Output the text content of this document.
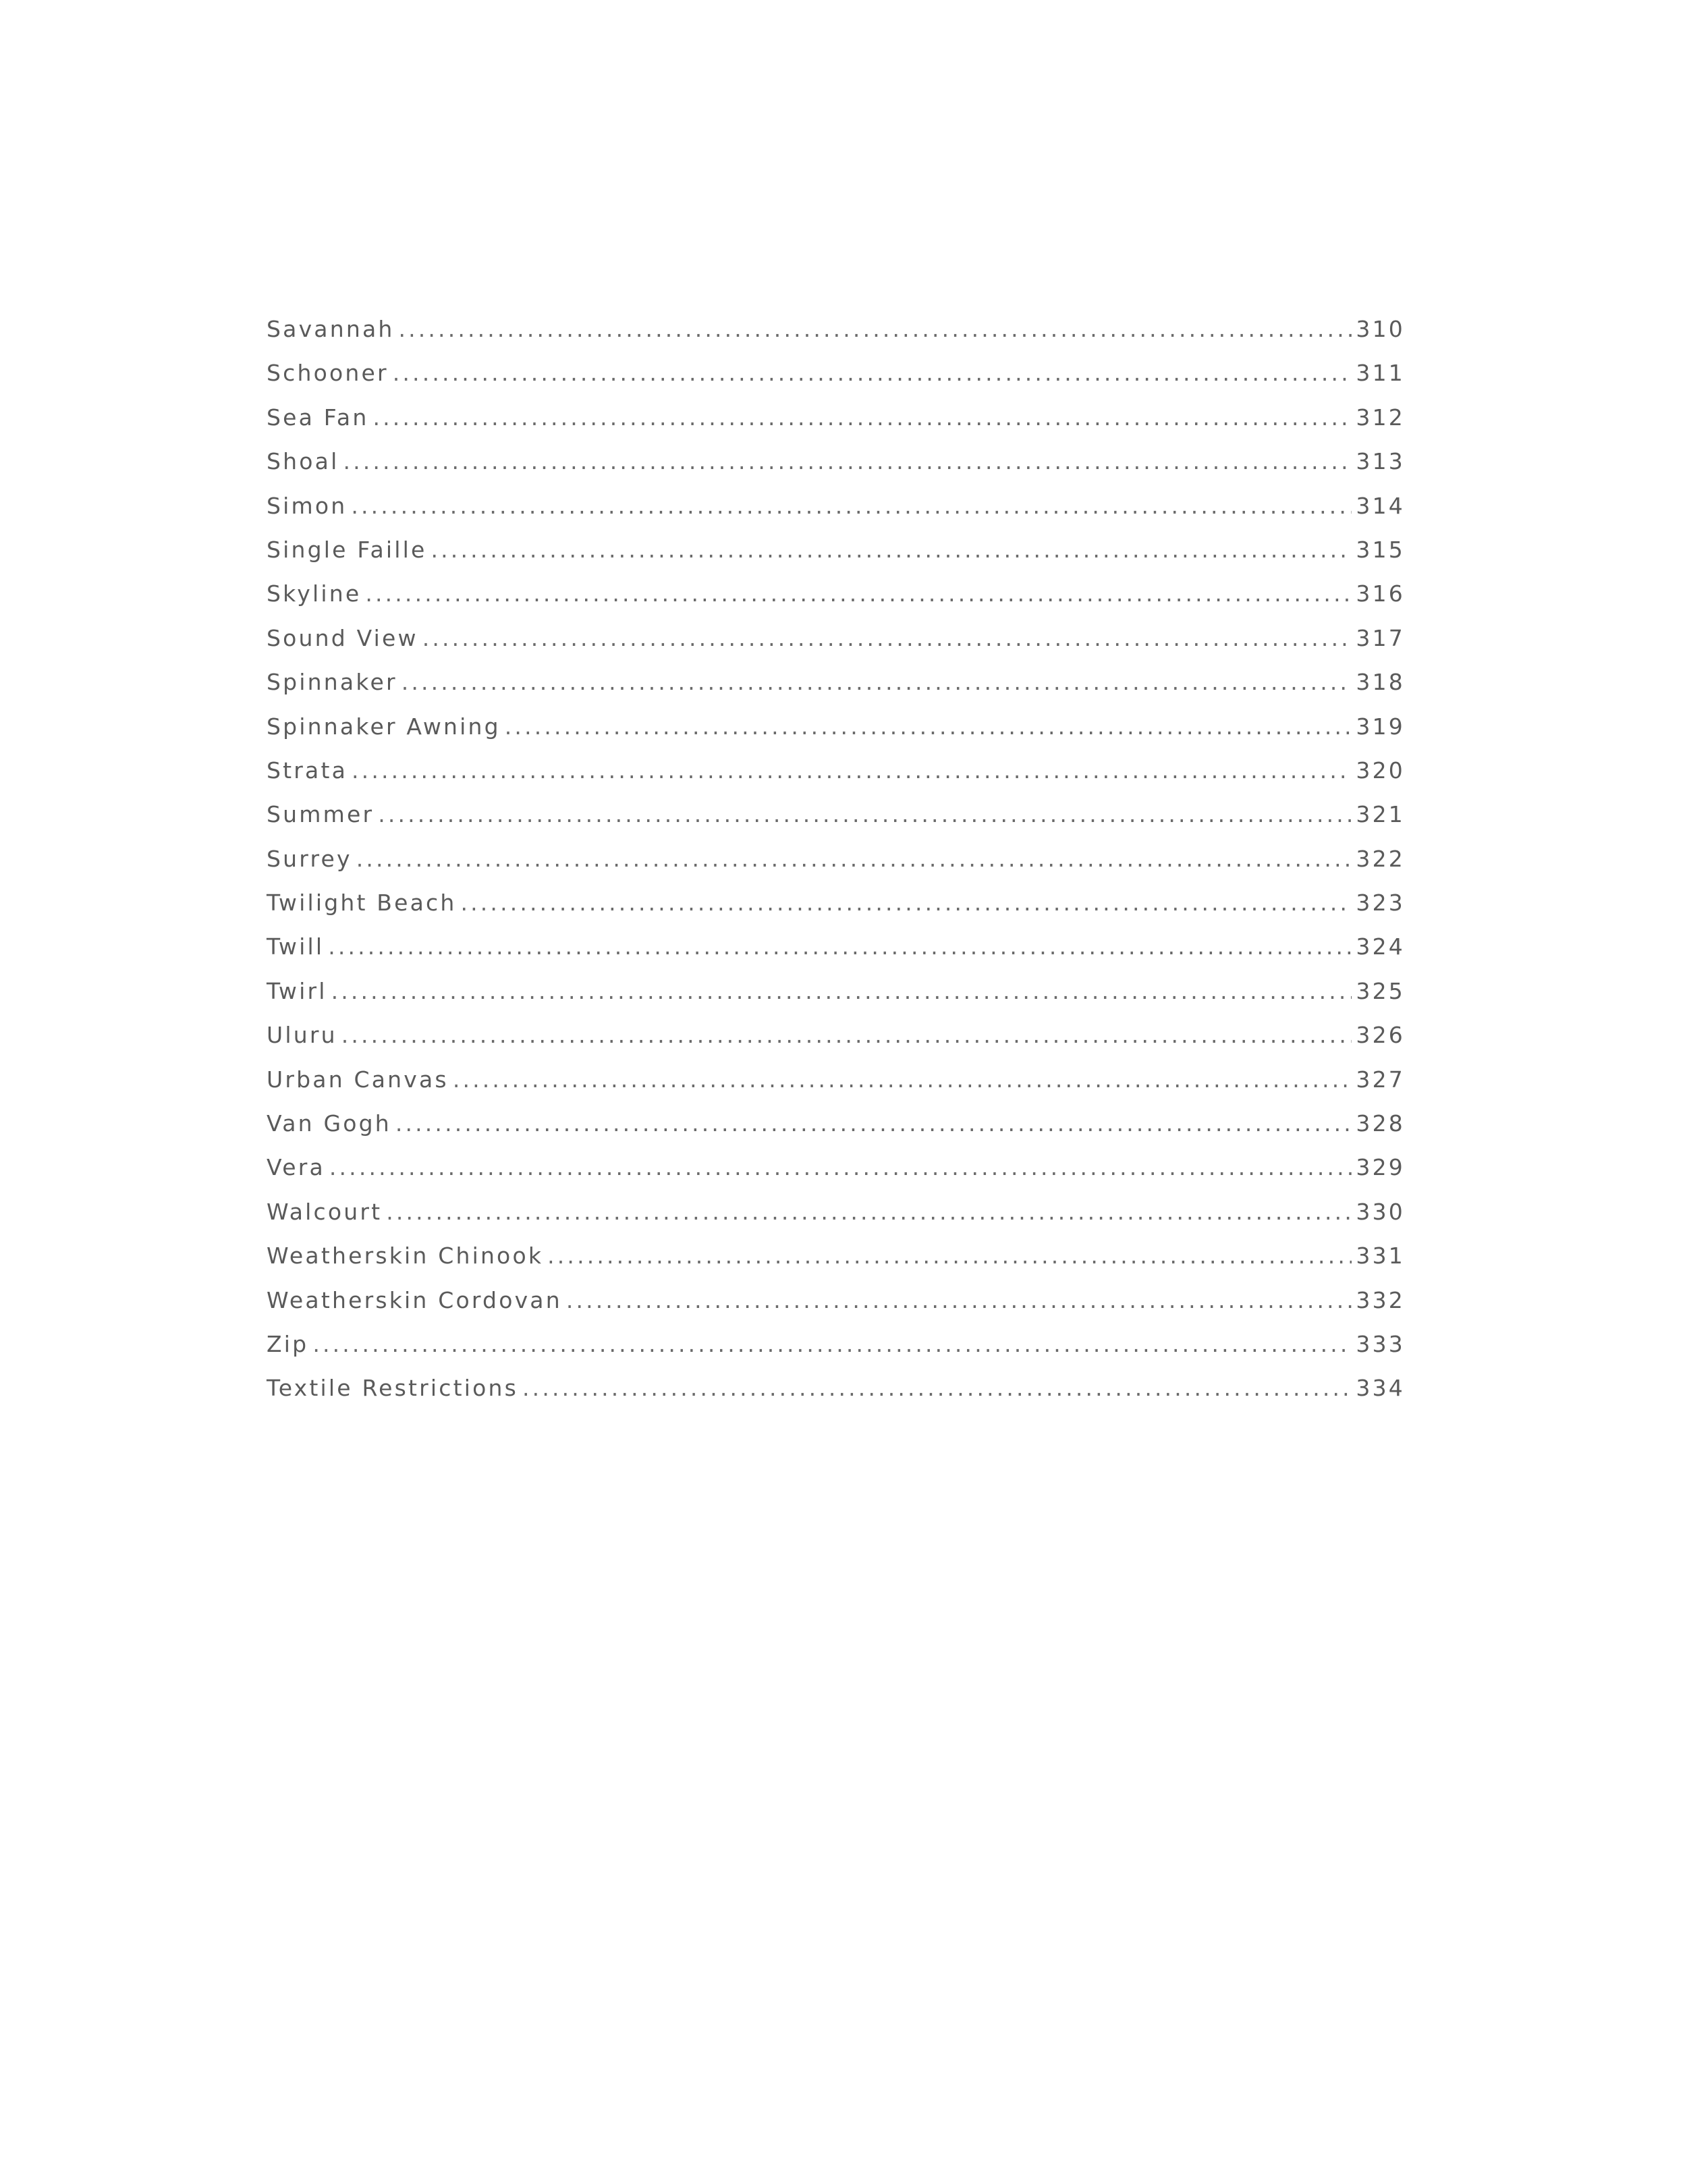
Savannah .....	310
Schooner .....	311
Sea Fan .....	312
Shoal .....	313
Simon .....	314
Single Faille .....	315
Skyline .....	316
Sound View .....	317
Spinnaker .....	318
Spinnaker Awning .....	319
Strata .....	320
Summer .....	321
Surrey .....	322
Twilight Beach .....	323
Twill .....	324
Twirl .....	325
Uluru .....	326
Urban Canvas .....	327
Van Gogh .....	328
Vera .....	329
Walcourt .....	330
Weatherskin Chinook .....	331
Weatherskin Cordovan .....	332
Zip .....	333
Textile Restrictions .....	334
